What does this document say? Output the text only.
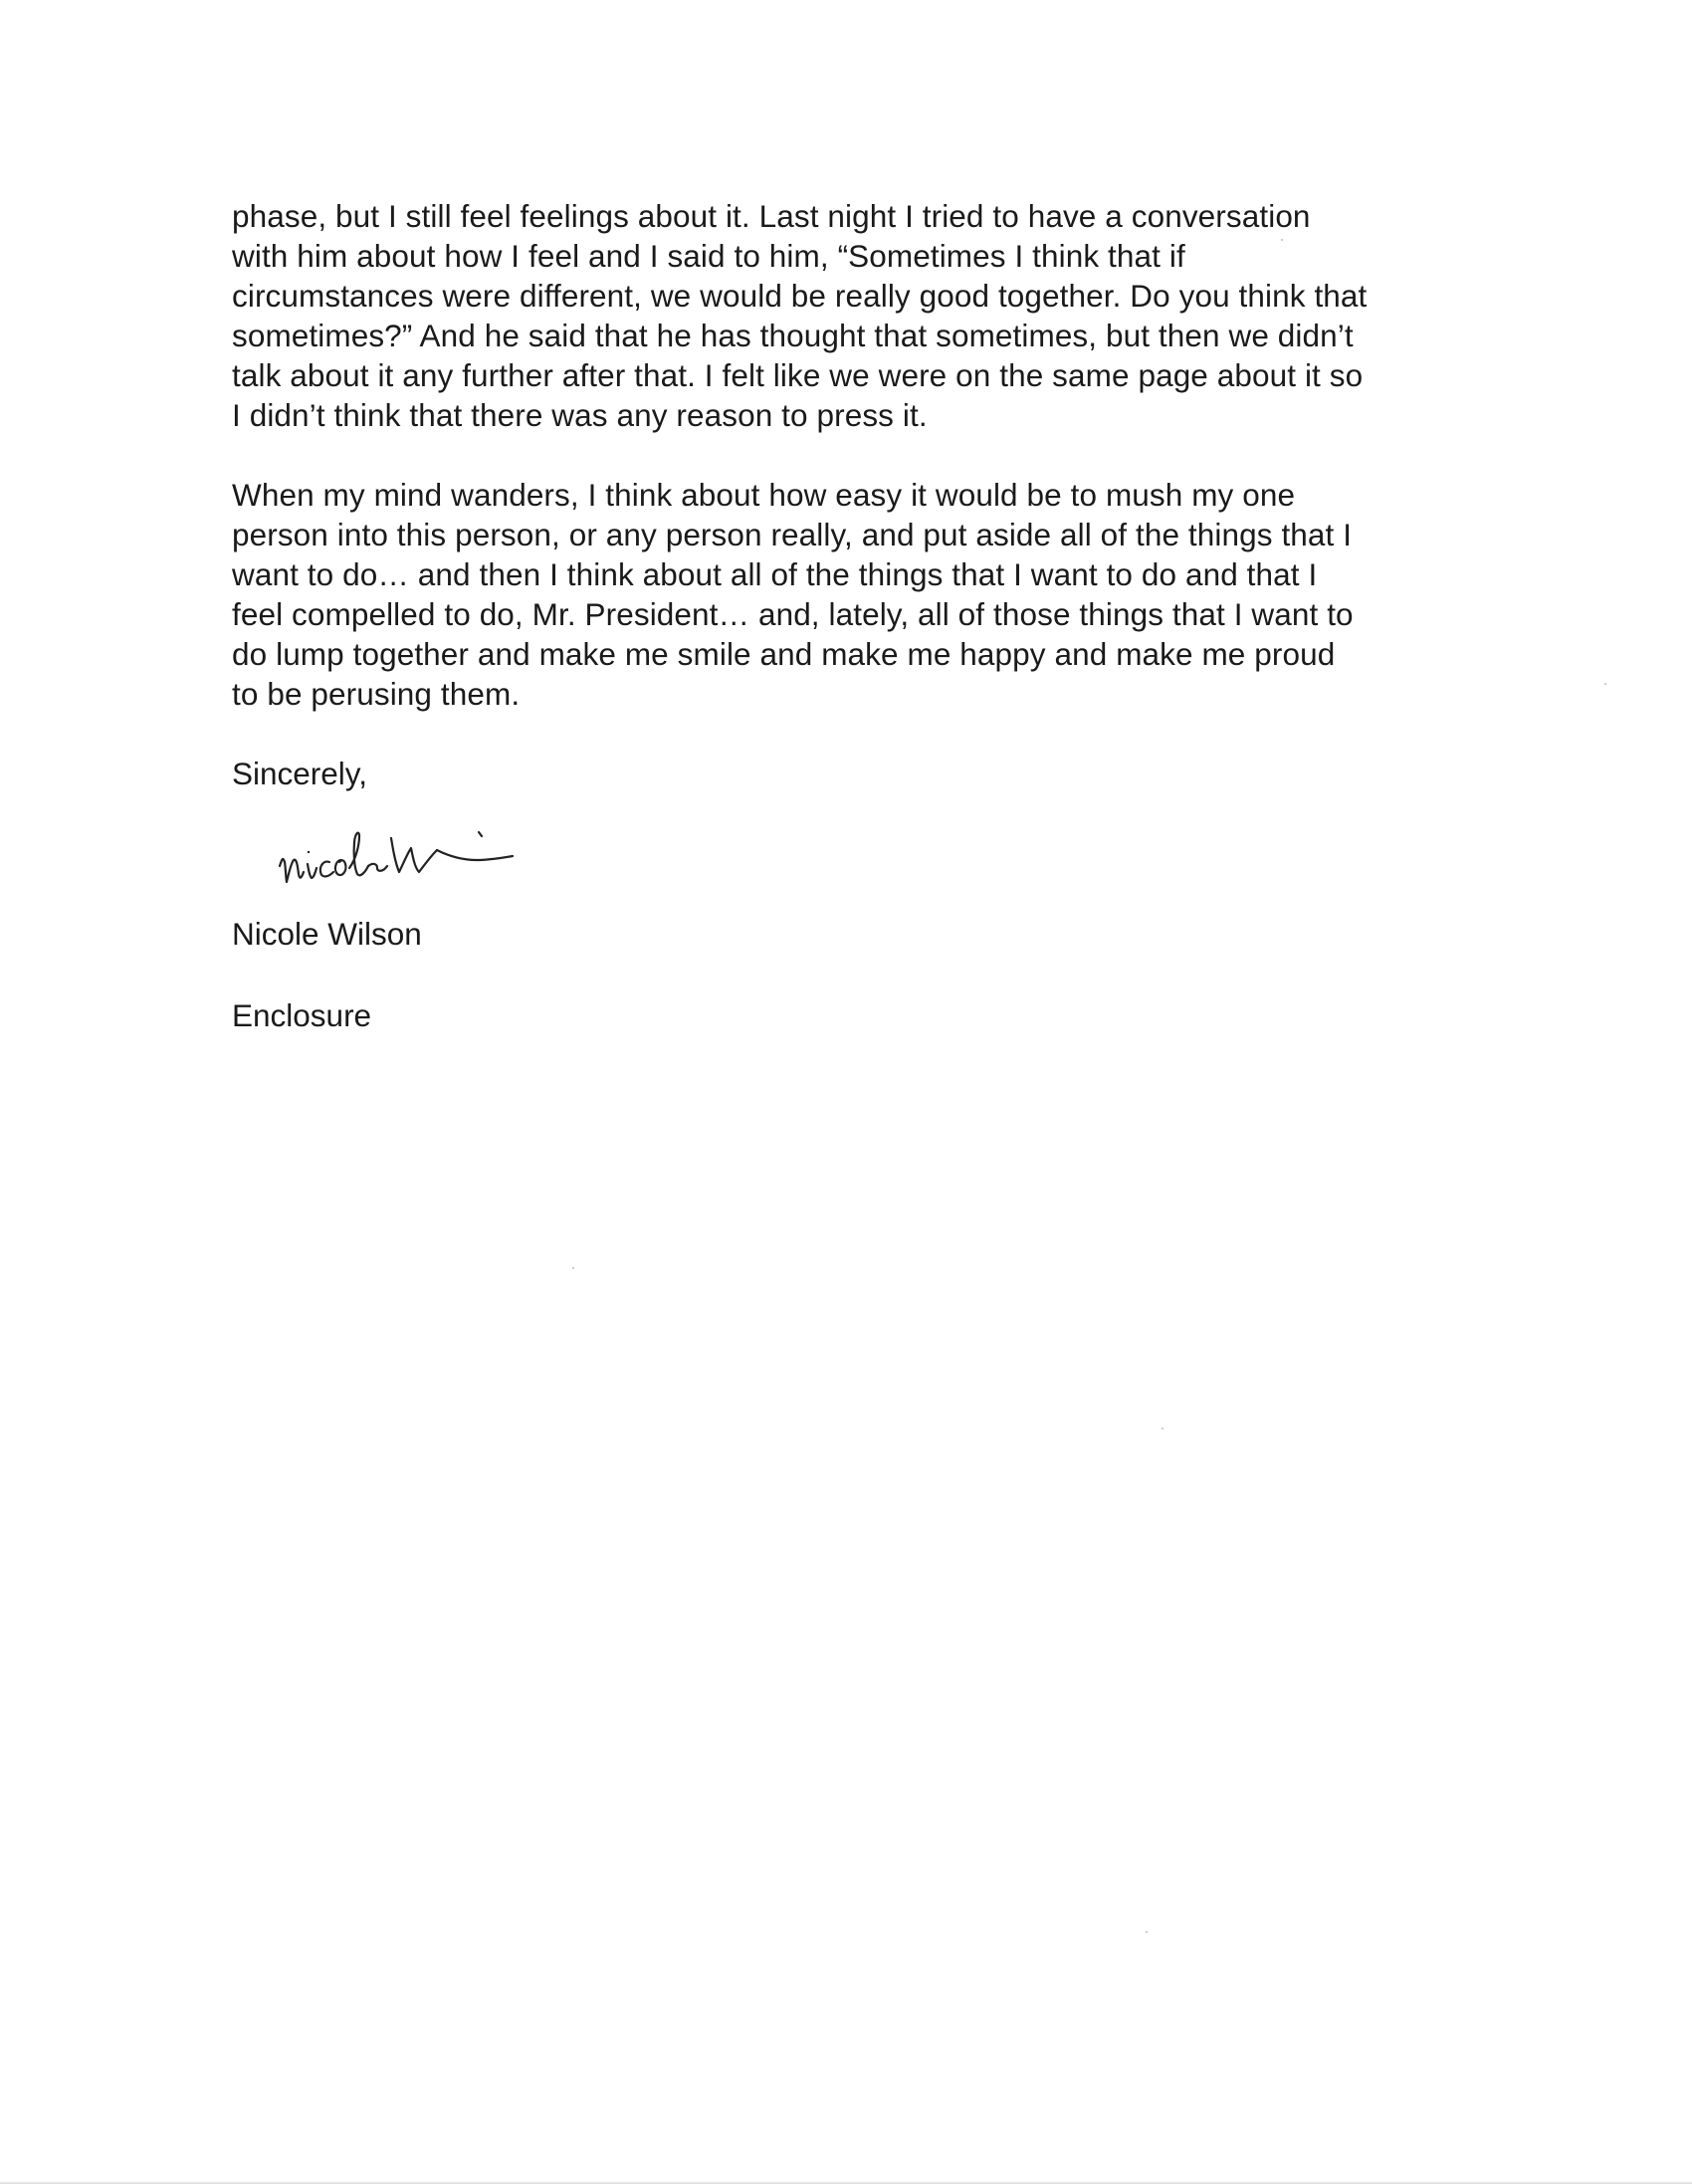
phase, but I still feel feelings about it. Last night I tried to have a conversation
with him about how I feel and I said to him, “Sometimes I think that if
circumstances were different, we would be really good together. Do you think that
sometimes?” And he said that he has thought that sometimes, but then we didn’t
talk about it any further after that. I felt like we were on the same page about it so
I didn’t think that there was any reason to press it.
When my mind wanders, I think about how easy it would be to mush my one
person into this person, or any person really, and put aside all of the things that I
want to do… and then I think about all of the things that I want to do and that I
feel compelled to do, Mr. President… and, lately, all of those things that I want to
do lump together and make me smile and make me happy and make me proud
to be perusing them.
Sincerely,
Nicole Wilson
Enclosure
